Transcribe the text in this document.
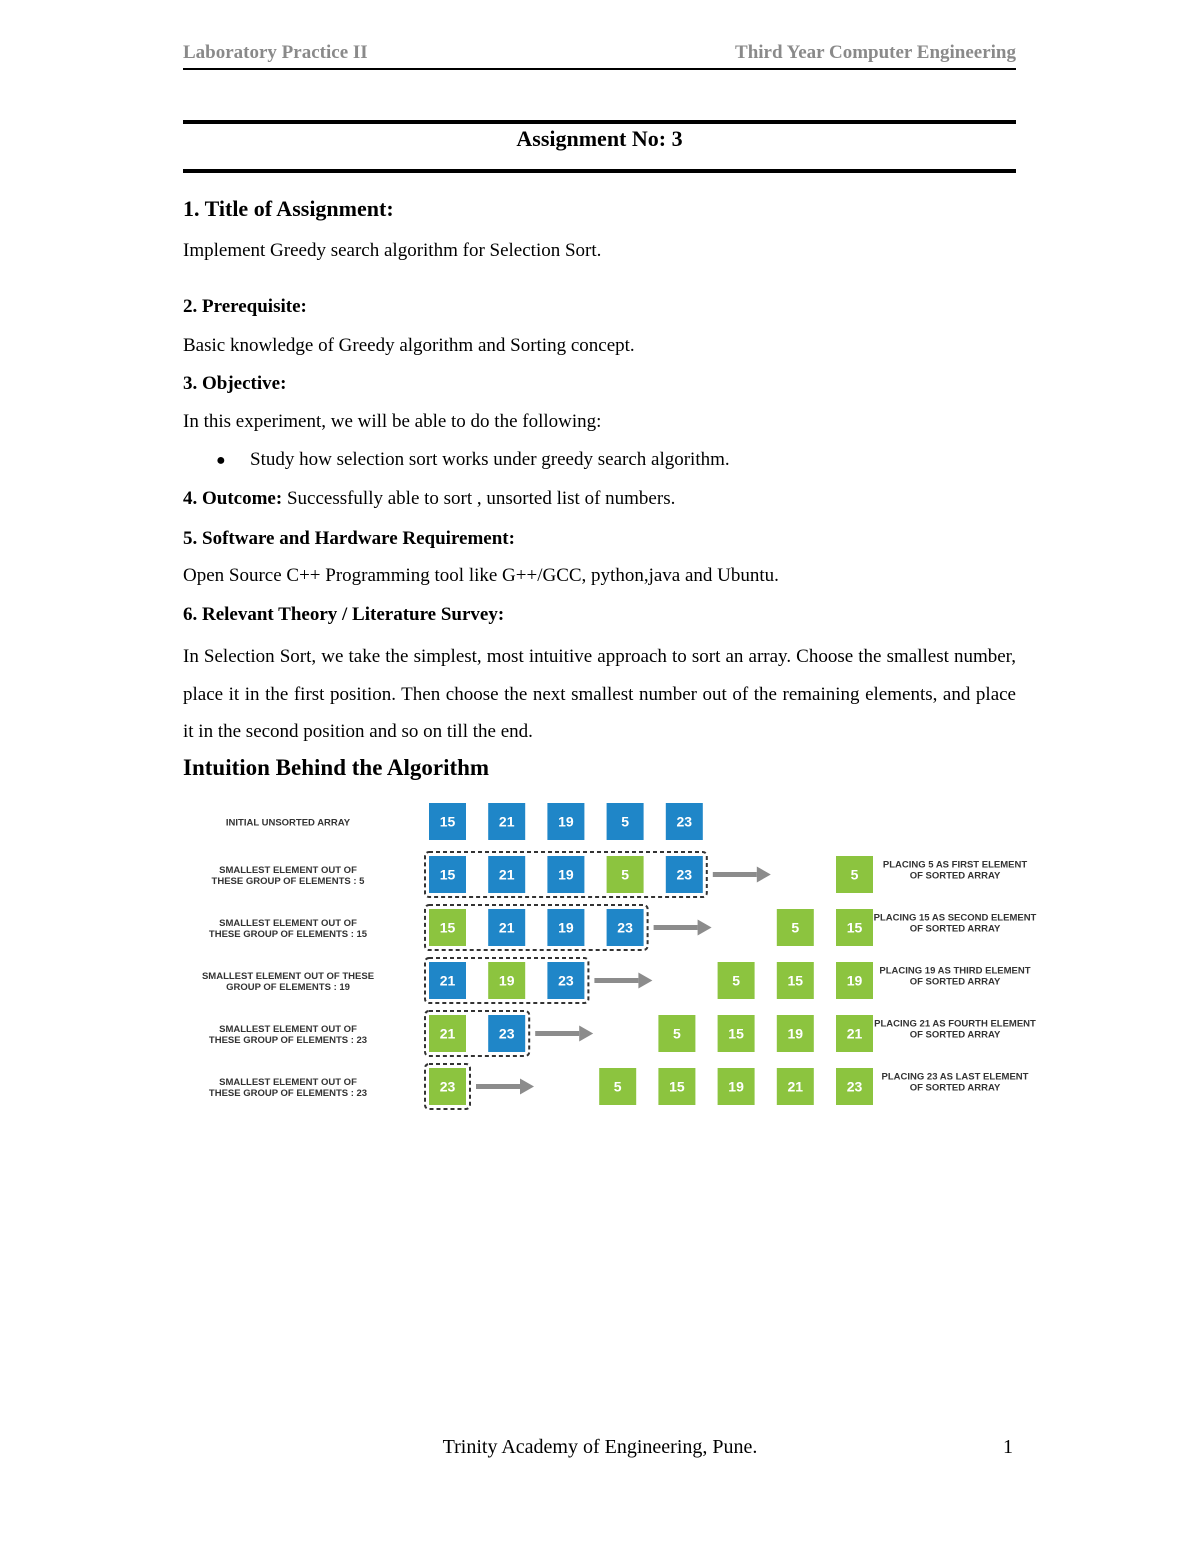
Laboratory Practice II	Third Year Computer Engineering
Assignment No: 3
1. Title of Assignment:
Implement Greedy search algorithm for Selection Sort.
2. Prerequisite:
Basic knowledge of Greedy algorithm and Sorting concept.
3. Objective:
In this experiment, we will be able to do the following:
● Study how selection sort works under greedy search algorithm.
4. Outcome: Successfully able to sort , unsorted list of numbers.
5. Software and Hardware Requirement:
Open Source C++ Programming tool like G++/GCC, python,java and Ubuntu.
6. Relevant Theory / Literature Survey:
In Selection Sort, we take the simplest, most intuitive approach to sort an array. Choose the smallest number, place it in the first position. Then choose the next smallest number out of the remaining elements, and place it in the second position and so on till the end.
Intuition Behind the Algorithm
INITIAL UNSORTED ARRAY	15	21	19	5	23
SMALLEST ELEMENT OUT OF
THESE GROUP OF ELEMENTS : 5	15	21	19	5	23	5
PLACING 5 AS FIRST ELEMENT
OF SORTED ARRAY
SMALLEST ELEMENT OUT OF
THESE GROUP OF ELEMENTS : 15	15	21	19	23	5	15
PLACING 15 AS SECOND ELEMENT
OF SORTED ARRAY
SMALLEST ELEMENT OUT OF THESE
GROUP OF ELEMENTS : 19	21	19	23	5	15	19
PLACING 19 AS THIRD ELEMENT
OF SORTED ARRAY
SMALLEST ELEMENT OUT OF
THESE GROUP OF ELEMENTS : 23	21	23	5	15	19	21
PLACING 21 AS FOURTH ELEMENT
OF SORTED ARRAY
SMALLEST ELEMENT OUT OF
THESE GROUP OF ELEMENTS : 23	23	5	15	19	21	23
PLACING 23 AS LAST ELEMENT
OF SORTED ARRAY
Trinity Academy of Engineering, Pune.	1
